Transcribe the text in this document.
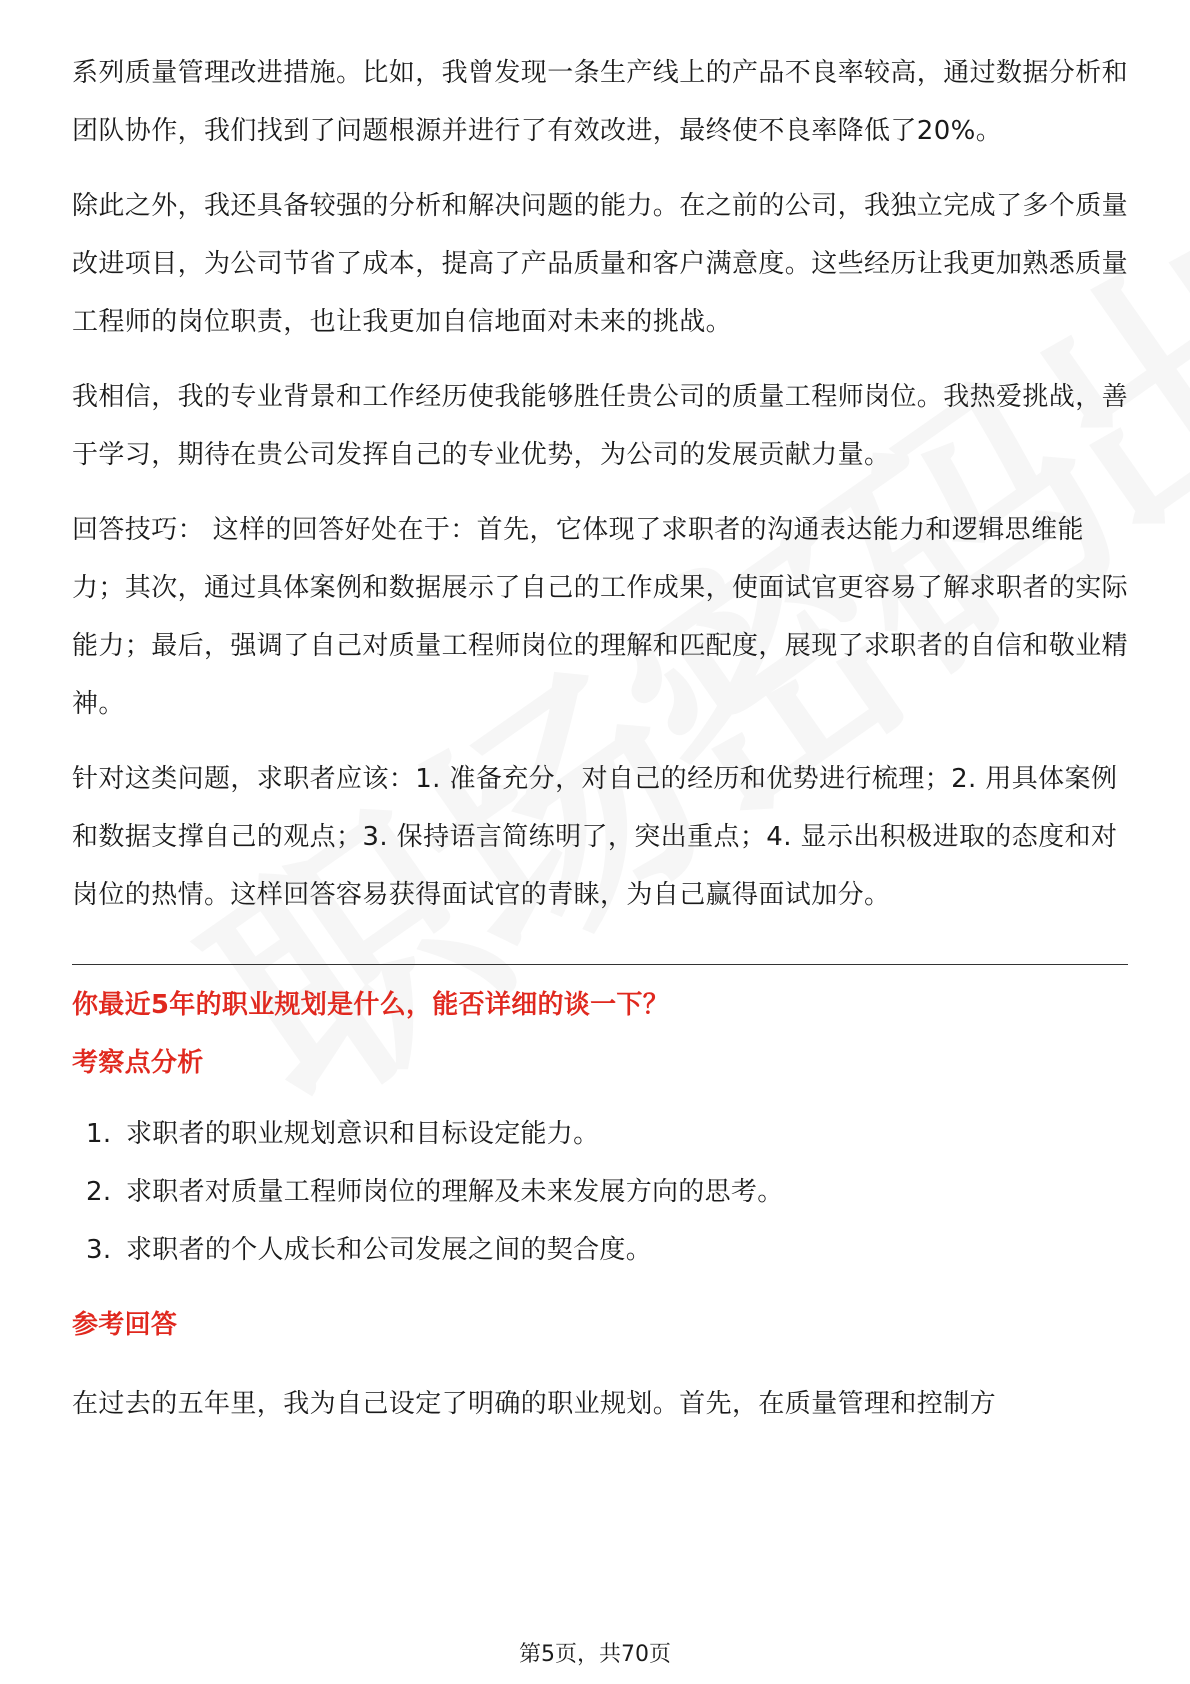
系列质量管理改进措施。比如，我曾发现一条生产线上的产品不良率较高，通过数据分析和团队协作，我们找到了问题根源并进行了有效改进，最终使不良率降低了20%。

除此之外，我还具备较强的分析和解决问题的能力。在之前的公司，我独立完成了多个质量改进项目，为公司节省了成本，提高了产品质量和客户满意度。这些经历让我更加熟悉质量工程师的岗位职责，也让我更加自信地面对未来的挑战。

我相信，我的专业背景和工作经历使我能够胜任贵公司的质量工程师岗位。我热爱挑战，善于学习，期待在贵公司发挥自己的专业优势，为公司的发展贡献力量。

回答技巧： 这样的回答好处在于：首先，它体现了求职者的沟通表达能力和逻辑思维能力；其次，通过具体案例和数据展示了自己的工作成果，使面试官更容易了解求职者的实际能力；最后，强调了自己对质量工程师岗位的理解和匹配度，展现了求职者的自信和敬业精神。

针对这类问题，求职者应该：1. 准备充分，对自己的经历和优势进行梳理；2. 用具体案例和数据支撑自己的观点；3. 保持语言简练明了，突出重点；4. 显示出积极进取的态度和对岗位的热情。这样回答容易获得面试官的青睐，为自己赢得面试加分。

你最近5年的职业规划是什么，能否详细的谈一下？
考察点分析
1. 求职者的职业规划意识和目标设定能力。
2. 求职者对质量工程师岗位的理解及未来发展方向的思考。
3. 求职者的个人成长和公司发展之间的契合度。
参考回答

在过去的五年里，我为自己设定了明确的职业规划。首先，在质量管理和控制方

第5页，共70页
